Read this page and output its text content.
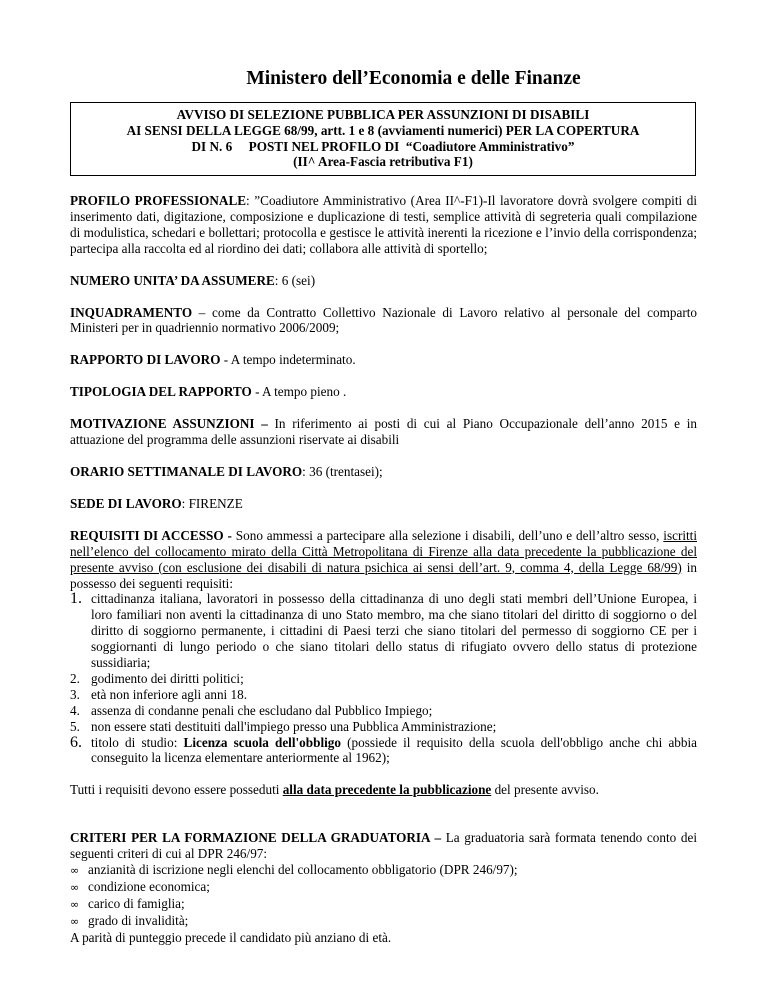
Ministero dell’Economia e delle Finanze
AVVISO DI SELEZIONE PUBBLICA PER ASSUNZIONI DI DISABILI
AI SENSI DELLA LEGGE 68/99, artt. 1 e 8 (avviamenti numerici) PER LA COPERTURA
DI N. 6     POSTI NEL PROFILO DI  “Coadiutore Amministrativo”
(II^ Area-Fascia retributiva F1)

PROFILO PROFESSIONALE: ”Coadiutore Amministrativo (Area II^-F1)-Il lavoratore dovrà svolgere compiti di inserimento dati, digitazione, composizione e duplicazione di testi, semplice attività di segreteria quali compilazione di modulistica, schedari e bollettari; protocolla e gestisce le attività inerenti la ricezione e l’invio della corrispondenza; partecipa alla raccolta ed al riordino dei dati; collabora alle attività di sportello;

NUMERO UNITA’ DA ASSUMERE: 6 (sei)

INQUADRAMENTO – come da Contratto Collettivo Nazionale di Lavoro relativo al personale del comparto Ministeri per in quadriennio normativo 2006/2009;

RAPPORTO DI LAVORO - A tempo indeterminato.

TIPOLOGIA DEL RAPPORTO - A tempo pieno .

MOTIVAZIONE ASSUNZIONI – In riferimento ai posti di cui al Piano Occupazionale dell’anno 2015 e in attuazione del programma delle assunzioni riservate ai disabili

ORARIO SETTIMANALE DI LAVORO: 36 (trentasei);

SEDE DI LAVORO: FIRENZE

REQUISITI DI ACCESSO - Sono ammessi a partecipare alla selezione i disabili, dell’uno e dell’altro sesso, iscritti nell’elenco del collocamento mirato della Città Metropolitana di Firenze alla data precedente la pubblicazione del presente avviso (con esclusione dei disabili di natura psichica ai sensi dell’art. 9, comma 4, della Legge 68/99) in possesso dei seguenti requisiti:

1. cittadinanza italiana, lavoratori in possesso della cittadinanza di uno degli stati membri dell’Unione Europea, i loro familiari non aventi la cittadinanza di uno Stato membro, ma che siano titolari del diritto di soggiorno o del diritto di soggiorno permanente, i cittadini di Paesi terzi che siano titolari del permesso di soggiorno CE per i soggiornanti di lungo periodo o che siano titolari dello status di rifugiato ovvero dello status di protezione sussidiaria;
2. godimento dei diritti politici;
3. età non inferiore agli anni 18.
4. assenza di condanne penali che escludano dal Pubblico Impiego;
5. non essere stati destituiti dall'impiego presso una Pubblica Amministrazione;
6. titolo di studio: Licenza scuola dell'obbligo (possiede il requisito della scuola dell'obbligo anche chi abbia conseguito la licenza elementare anteriormente al 1962);

Tutti i requisiti devono essere posseduti alla data precedente la pubblicazione del presente avviso.

CRITERI PER LA FORMAZIONE DELLA GRADUATORIA – La graduatoria sarà formata tenendo conto dei seguenti criteri di cui al DPR 246/97:

∞ anzianità di iscrizione negli elenchi del collocamento obbligatorio (DPR 246/97);
∞ condizione economica;
∞ carico di famiglia;
∞ grado di invalidità;
A parità di punteggio precede il candidato più anziano di età.
